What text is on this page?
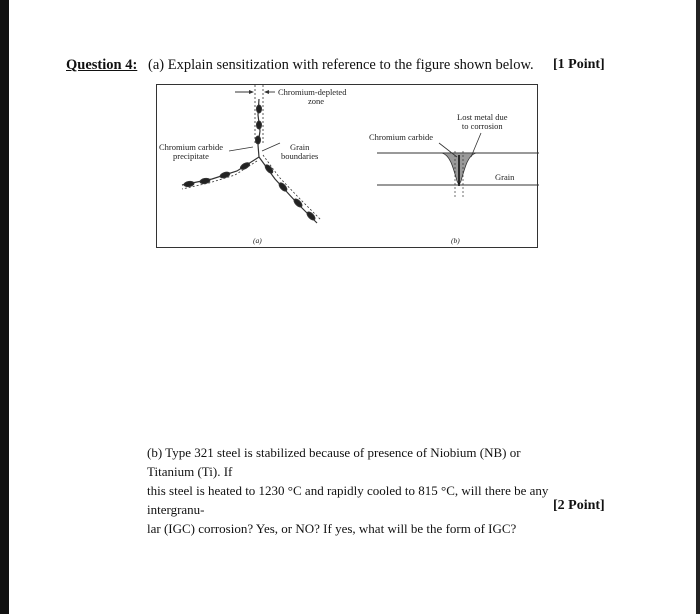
Question 4: (a) Explain sensitization with reference to the figure shown below. [1 Point]
Chromium-depleted
zone
Chromium carbide
precipitate
Grain
boundaries
Chromium carbide
Lost metal due
to corrosion
Grain
(a)	(b)
(b) Type 321 steel is stabilized because of presence of Niobium (NB) or Titanium (Ti). If
this steel is heated to 1230 °C and rapidly cooled to 815 °C, will there be any intergranu-
lar (IGC) corrosion? Yes, or NO? If yes, what will be the form of IGC?
[2 Point]
